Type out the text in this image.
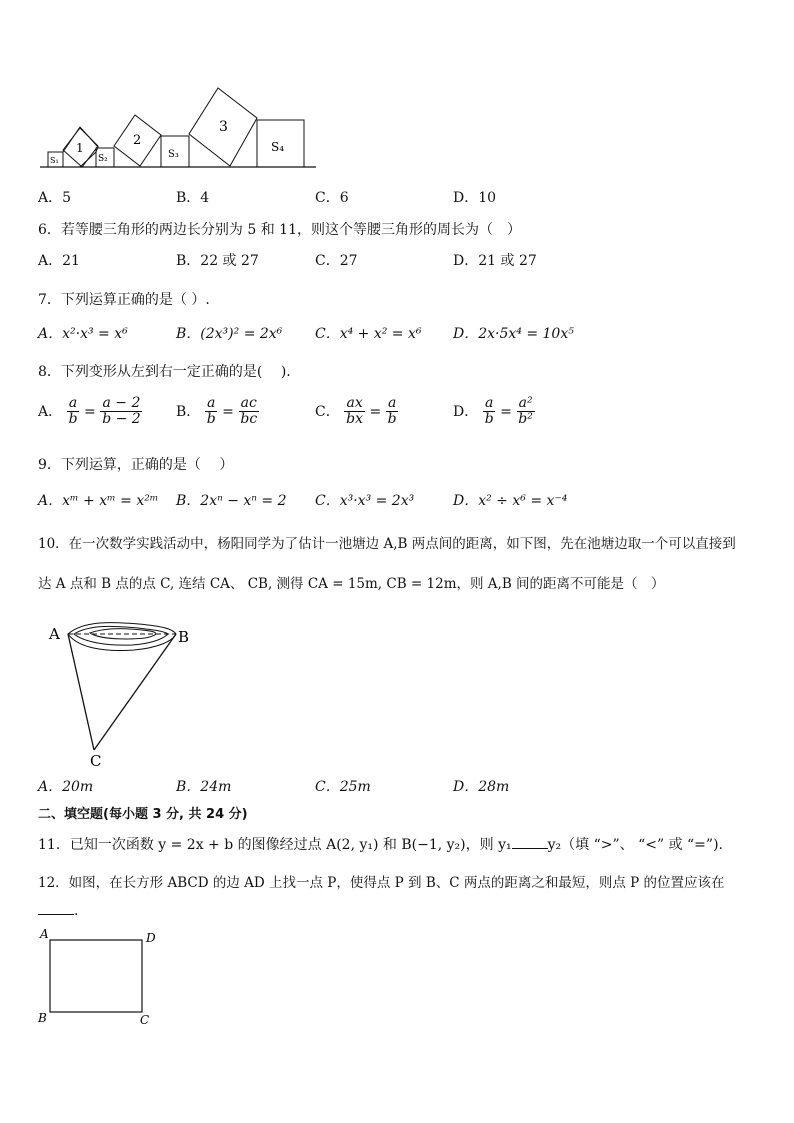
S₁
1
S₂
2
S₃
3
S₄
A．5	B．4	C．6	D．10
6．若等腰三角形的两边长分别为 5 和 11，则这个等腰三角形的周长为（　）
A．21	B．22 或 27	C．27	D．21 或 27
7．下列运算正确的是（ ）.
A．x²·x³ = x⁶	B．(2x³)² = 2x⁶ C．x⁴ + x² = x⁶ D．2x·5x⁴ = 10x⁵
8．下列变形从左到右一定正确的是(　 ).
A． $\frac{a}{b} = \frac{a - 2}{b - 2}$ B． $\frac{a}{b} = \frac{ac}{bc}$	C． $\frac{ax}{bx} = \frac{a}{b}$	D． $\frac{a}{b} = \frac{\text{a²}}{\text{b²}}$
9．下列运算，正确的是（　 ）
A．xᵐ + xᵐ = x²ᵐ B．2xⁿ − xⁿ = 2 C．x³·x³ = 2x³	D．x² ÷ x⁶ = x⁻⁴
10．在一次数学实践活动中，杨阳同学为了估计一池塘边 A,B 两点间的距离，如下图，先在池塘边取一个可以直接到
达 A 点和 B 点的点 C, 连结 CA、 CB, 测得 CA = 15m, CB = 12m，则 A,B 间的距离不可能是（　）
A	B
C
A．20m	B．24m	C．25m	D．28m
二、填空题(每小题 3 分, 共 24 分)
11．已知一次函数 y = 2x + b 的图像经过点 A(2, y₁) 和 B(−1, y₂)，则 y₁	y₂（填 “>”、 “<” 或 “=”).
12．如图，在长方形 ABCD 的边 AD 上找一点 P，使得点 P 到 B、C 两点的距离之和最短，则点 P 的位置应该在
.
A	D
B	C
